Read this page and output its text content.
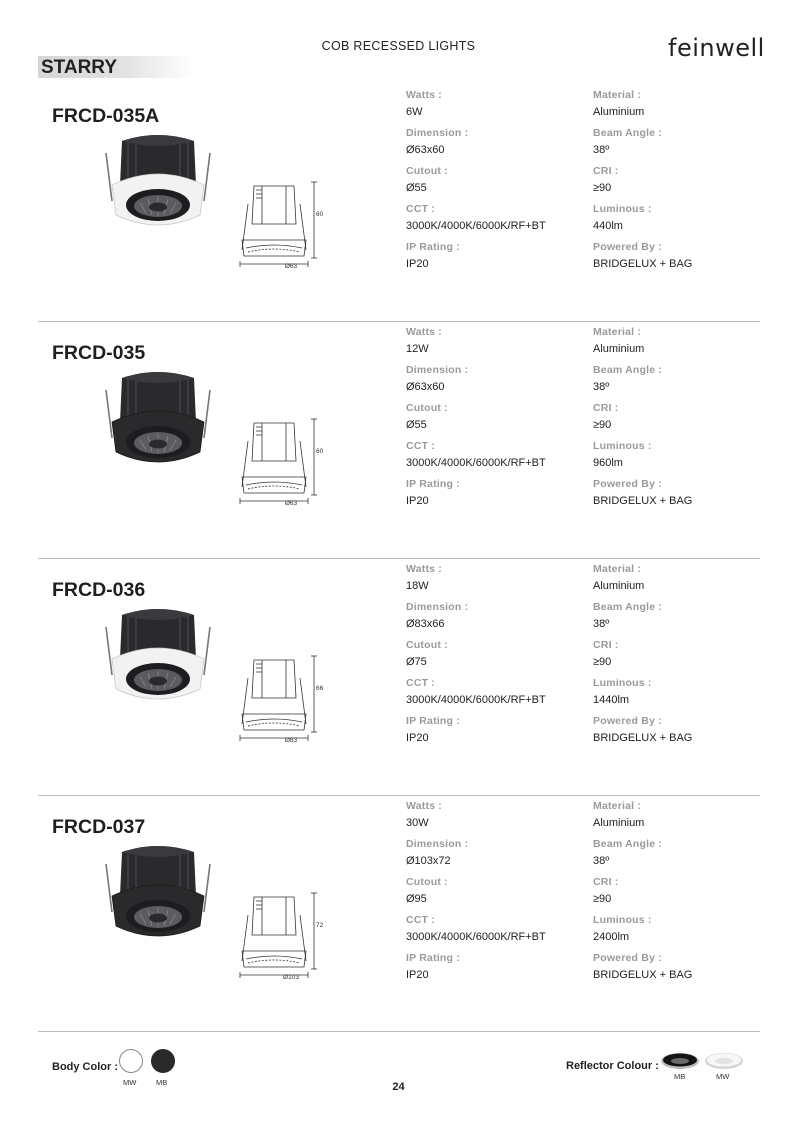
COB RECESSED LIGHTS	feinwell
STARRY
FRCD-035A
Ø63
60
Watts :
6W
Material :
Aluminium
Dimension :
Ø63x60
Beam Angle :
38º
Cutout :
Ø55
CRI :
≥90
CCT :
3000K/4000K/6000K/RF+BT
Luminous :
440lm
IP Rating :
IP20
Powered By :
BRIDGELUX + BAG
FRCD-035
Ø63
60
Watts :
12W
Material :
Aluminium
Dimension :
Ø63x60
Beam Angle :
38º
Cutout :
Ø55
CRI :
≥90
CCT :
3000K/4000K/6000K/RF+BT
Luminous :
960lm
IP Rating :
IP20
Powered By :
BRIDGELUX + BAG
FRCD-036
Ø83
66
Watts :
18W
Material :
Aluminium
Dimension :
Ø83x66
Beam Angle :
38º
Cutout :
Ø75
CRI :
≥90
CCT :
3000K/4000K/6000K/RF+BT
Luminous :
1440lm
IP Rating :
IP20
Powered By :
BRIDGELUX + BAG
FRCD-037
Ø103
72
Watts :
30W
Material :
Aluminium
Dimension :
Ø103x72
Beam Angle :
38º
Cutout :
Ø95
CRI :
≥90
CCT :
3000K/4000K/6000K/RF+BT
Luminous :
2400lm
IP Rating :
IP20
Powered By :
BRIDGELUX + BAG
Body Color :
MW	MB
Reflector Colour :
MB	MW
24
